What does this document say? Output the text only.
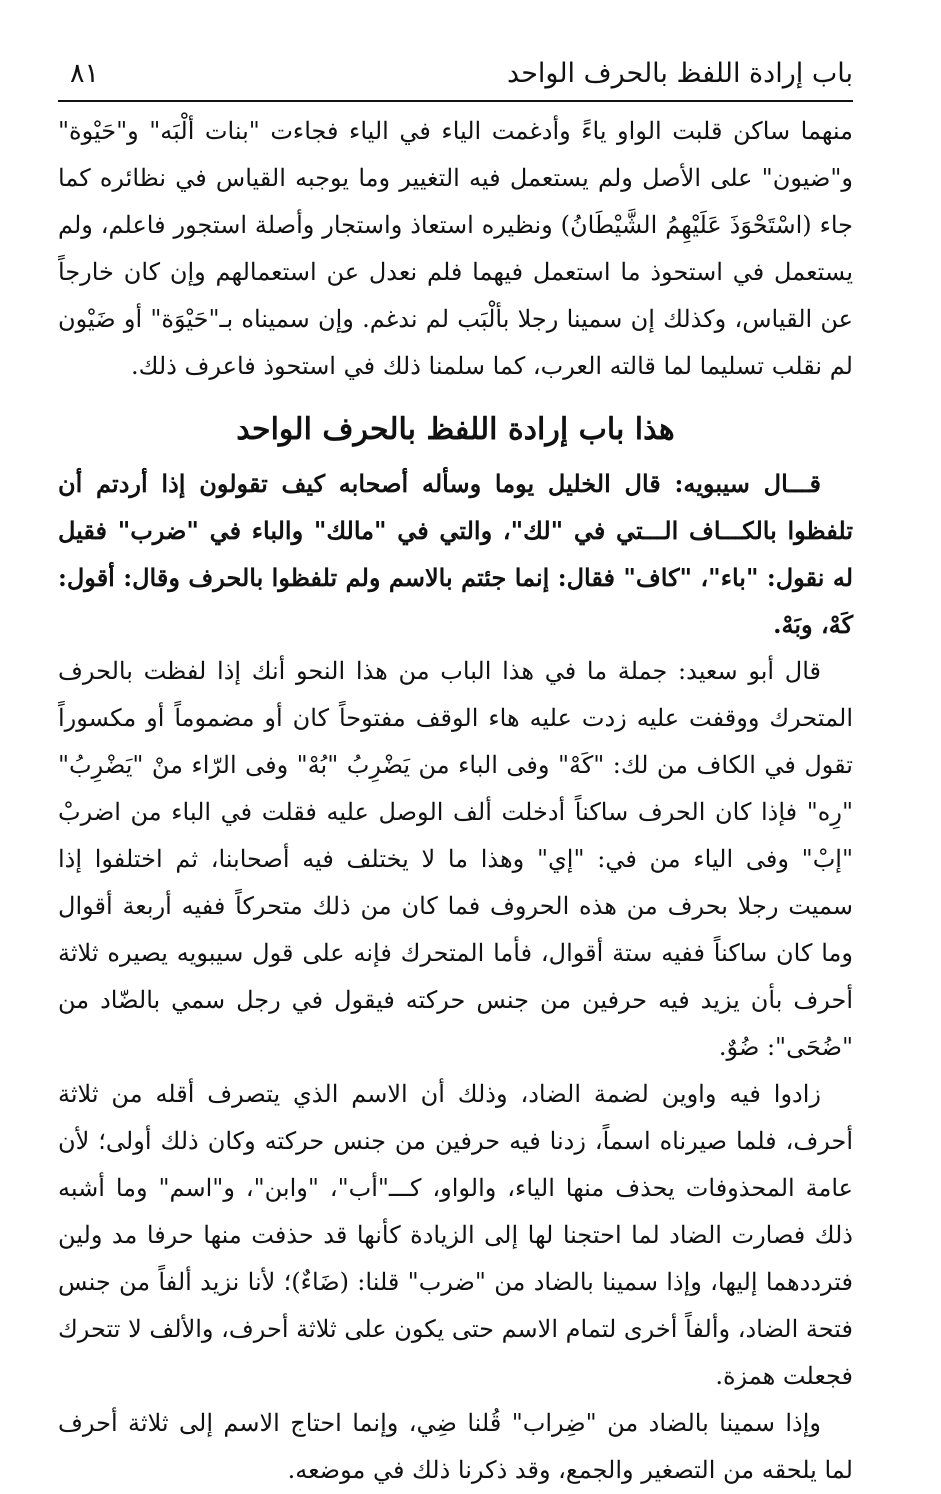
باب إرادة اللفظ بالحرف الواحد
٨١

منهما ساكن قلبت الواو ياءً وأدغمت الياء في الياء فجاءت "بنات ألْبَه" و"حَيْوة" و"ضيون" على الأصل ولم يستعمل فيه التغيير وما يوجبه القياس في نظائره كما جاء (اسْتَحْوَذَ عَلَيْهِمُ الشَّيْطَانُ) ونظيره استعاذ واستجار وأصلة استجور فاعلم، ولم يستعمل في استحوذ ما استعمل فيهما فلم نعدل عن استعمالهم وإن كان خارجاً عن القياس، وكذلك إن سمينا رجلا بألْبَب لم ندغم. وإن سميناه بـ"حَيْوَة" أو ضَيْون لم نقلب تسليما لما قالته العرب، كما سلمنا ذلك في استحوذ فاعرف ذلك.

هذا باب إرادة اللفظ بالحرف الواحد

قـــال سيبويه: قال الخليل يوما وسأله أصحابه كيف تقولون إذا أردتم أن تلفظوا بالكـــاف الـــتي في "لك"، والتي في "مالك" والباء في "ضرب" فقيل له نقول: "باء"، "كاف" فقال: إنما جئتم بالاسم ولم تلفظوا بالحرف وقال: أقول: كَهْ، وبَهْ.

قال أبو سعيد: جملة ما في هذا الباب من هذا النحو أنك إذا لفظت بالحرف المتحرك ووقفت عليه زدت عليه هاء الوقف مفتوحاً كان أو مضموماً أو مكسوراً تقول في الكاف من لك: "كَهْ" وفى الباء من يَضْرِبُ "بُهْ" وفى الرّاء منْ "يَضْرِبُ" "رِه" فإذا كان الحرف ساكناً أدخلت ألف الوصل عليه فقلت في الباء من اضربْ "إبْ" وفى الياء من في: "إي" وهذا ما لا يختلف فيه أصحابنا، ثم اختلفوا إذا سميت رجلا بحرف من هذه الحروف فما كان من ذلك متحركاً ففيه أربعة أقوال وما كان ساكناً ففيه ستة أقوال، فأما المتحرك فإنه على قول سيبويه يصيره ثلاثة أحرف بأن يزيد فيه حرفين من جنس حركته فيقول في رجل سمي بالضّاد من "ضُحَى": ضُوٌ.

زادوا فيه واوين لضمة الضاد، وذلك أن الاسم الذي يتصرف أقله من ثلاثة أحرف، فلما صيرناه اسماً، زدنا فيه حرفين من جنس حركته وكان ذلك أولى؛ لأن عامة المحذوفات يحذف منها الياء، والواو، كـــ"أب"، "وابن"، و"اسم" وما أشبه ذلك فصارت الضاد لما احتجنا لها إلى الزيادة كأنها قد حذفت منها حرفا مد ولين فترددهما إليها، وإذا سمينا بالضاد من "ضرب" قلنا: (ضَاءٌ)؛ لأنا نزيد ألفاً من جنس فتحة الضاد، وألفاً أخرى لتمام الاسم حتى يكون على ثلاثة أحرف، والألف لا تتحرك فجعلت همزة.

وإذا سمينا بالضاد من "ضِراب" قُلنا ضِي، وإنما احتاج الاسم إلى ثلاثة أحرف لما يلحقه من التصغير والجمع، وقد ذكرنا ذلك في موضعه.
